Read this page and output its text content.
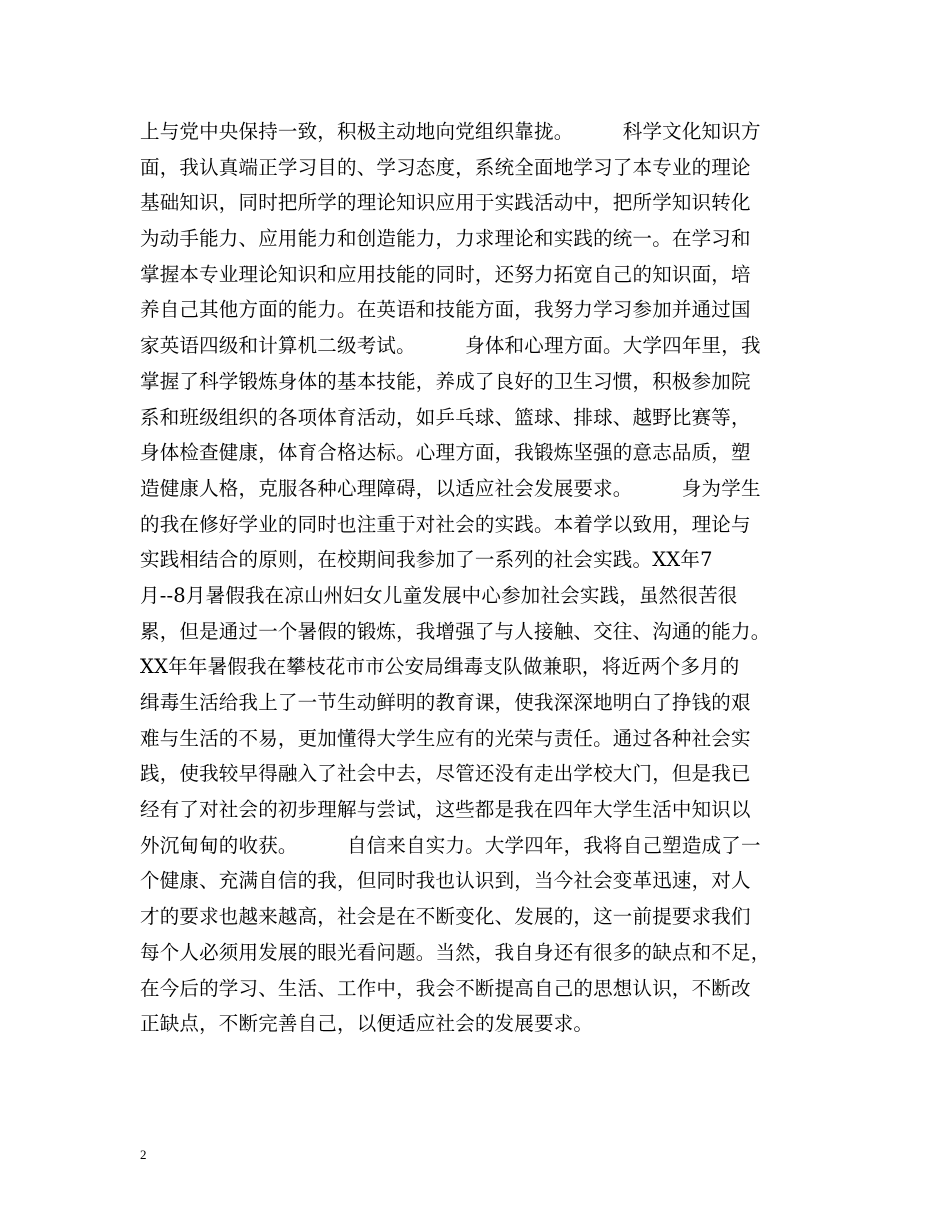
上与党中央保持一致，积极主动地向党组织靠拢。　　　科学文化知识方
面，我认真端正学习目的、学习态度，系统全面地学习了本专业的理论
基础知识，同时把所学的理论知识应用于实践活动中，把所学知识转化
为动手能力、应用能力和创造能力，力求理论和实践的统一。在学习和
掌握本专业理论知识和应用技能的同时，还努力拓宽自己的知识面，培
养自己其他方面的能力。在英语和技能方面，我努力学习参加并通过国
家英语四级和计算机二级考试。　　　身体和心理方面。大学四年里，我
掌握了科学锻炼身体的基本技能，养成了良好的卫生习惯，积极参加院
系和班级组织的各项体育活动，如乒乓球、篮球、排球、越野比赛等，
身体检查健康，体育合格达标。心理方面，我锻炼坚强的意志品质，塑
造健康人格，克服各种心理障碍，以适应社会发展要求。　　　身为学生
的我在修好学业的同时也注重于对社会的实践。本着学以致用，理论与
实践相结合的原则，在校期间我参加了一系列的社会实践。XX年7
月--8月暑假我在凉山州妇女儿童发展中心参加社会实践，虽然很苦很
累，但是通过一个暑假的锻炼，我增强了与人接触、交往、沟通的能力。
XX年年暑假我在攀枝花市市公安局缉毒支队做兼职，将近两个多月的
缉毒生活给我上了一节生动鲜明的教育课，使我深深地明白了挣钱的艰
难与生活的不易，更加懂得大学生应有的光荣与责任。通过各种社会实
践，使我较早得融入了社会中去，尽管还没有走出学校大门，但是我已
经有了对社会的初步理解与尝试，这些都是我在四年大学生活中知识以
外沉甸甸的收获。　　　自信来自实力。大学四年，我将自己塑造成了一
个健康、充满自信的我，但同时我也认识到，当今社会变革迅速，对人
才的要求也越来越高，社会是在不断变化、发展的，这一前提要求我们
每个人必须用发展的眼光看问题。当然，我自身还有很多的缺点和不足，
在今后的学习、生活、工作中，我会不断提高自己的思想认识，不断改
正缺点，不断完善自己，以便适应社会的发展要求。
2
